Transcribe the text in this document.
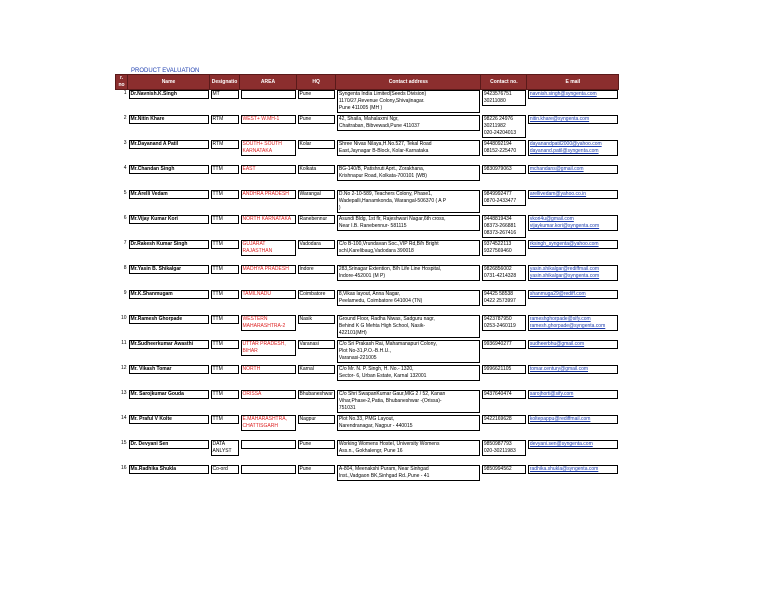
PRODUCT EVALUATION
r. no	Name	Designatio	AREA	HQ	Contact address	Contact no.	E mail
1	Dr.Navnish.K.Singh	MT		Pune	Syngenta India Limited(Seeds Division)
1170/27,Revenue Colony,Shivajinagar.
Pune 411005 (MH )	9423576751
30211080	navnish.singh@syngenta.com

2	Mr.Nitin Khare	RTM	WEST+ W.MH-1	Pune	42, Shaila, Mahalaxmi Ngr,
Chaitraban, Bibvewadi,Pune 411037	98226 24976
30211982
020-24204013	nitin.khare@syngenta.com

3	Mr.Dayanand A Patil	RTM	SOUTH+ SOUTH KARNATAKA	Kolar	Shree Nivas Nilaya,H.No.527, Tekal Road
East,Jaynagar B-Block, Kolar-Karnataka	9448092194
08152-225470	dayanandpatil2000@yahoo.com
dayanand.patil@syngenta.com

4	Mr.Chandan Singh	TTM	EAST	Kolkata	BG-140/B, Patishruti Aprt., Zorakhana,
Krishnapur Road, Kolkata-700101 (WB)	9830979063	mchandans@gmail.com

5	Mr.Arelli Vedam	TTM	ANDHRA PRADESH	Warangal	D.No 2-10-589, Teachers Colony, Phase1,
Wadepalli,Hanamkonda, Warangal-506370 ( A P
)	9849992477
0870-2433477	arellivedam@yahoo.co.in

6	Mr.Vijay Kumar Kori	TTM	NORTH KARNATAKA	Ranebennur	Asundi Bldg, 1st flr, Rajeshwari Nagar,6th cross,
Near I.B. Ranebennur- 581115	9448819434
08373-266881
08373-267416	vkori4u@gmail.com
vijaykumar.kori@syngenta.com

7	Dr.Rakesh Kumar Singh	TTM	GUJARAT RAJASTHAN	Vadodara	C/o B-100,Vrundavan Soc.,VIP Rd,B/h Bright
schl,Karelibaug,Vadodara 390018	9374522113
9327569460	rksingh_syngenta@yahoo.com

8	Mr.Yasin B. Shikalgar	TTM	MADHYA PRADESH	Indore	283,Srinagar Extention, B/h Life Line Hospital,
Indore-452001 (M P)	9826856002
0731-4214328	yasin.shikalgar@rediffmail.com
yasin.shikalgar@syngenta.com

9	Mr.K.Shanmugam	TTM	TAMILNADU	Coimbatore	8,Vikas layout, Anna Nagar,
Peelamedu, Coimbatore 641004 (TN)	94425 58538
0422 2573997	shanmuga29@rediff.com

10	Mr.Ramesh Ghorpade	TTM	WESTERN MAHARASHTRA-2	Nasik	Ground Floor, Radha Niwas, Sadguru nagr,
Behind K G Mehta High School, Nasik-
422101(MH)	9423787950
0253-2460119	rameshghorpade@sify.com
ramesh.ghorpade@syngenta.com

11	Mr.Sudheerkumar Awasthi	TTM	UTTAR PRADESH, BIHAR	Varanasi	C/o Sri Prakash Rai, Mahamanapuri Colony,
Plot No-31,P.O.-B.H.U.,
Varanasi-221005	9936940277	sudheerbhu@gmail.com

12	Mr. Vikash Tomar	TTM	NORTH	Karnal	C/o Mr. N. P. Singh, H. No.- 1320,
Sector- 6, Urban Estate, Karnal 132001	9996621105	tomar.century@gmail.com

13	Mr. Sarojkumar Gouda	TTM	ORISSA	Bhubaneshwar	C/o Shri SwapanKumar Gaur,MIG 2 / 52, Kanan
Vihar,Phase-2,Patia, Bhubaneshwar -(Orissa)-
751031	9437640474	sarojhorti@sify.com

14	Mr. Praful V Kolte	TTM	E.MAHARASHTRA, CHATTISGARH	Nagpur	Plot No.33, PMG Layout,
Narendranagar, Nagpur - 440015	9422169628	koltepappu@rediffmail.com

15	Dr. Devyani Sen	DATA ANLYST		Pune	Working Womens Hostel, University Womens
Ass.n., Gokhalengr, Pune 16	9850987793
020-30211983	devyani.sen@syngenta.com

16	Ms.Radhika Shukla	Co-ord		Pune	A-804, Meenakshi Puram, Near Sinhgad
Inst.,Vadgaon BK,Sinhgad Rd.,Pune - 41	9850994562	radhika.shukla@syngenta.com
